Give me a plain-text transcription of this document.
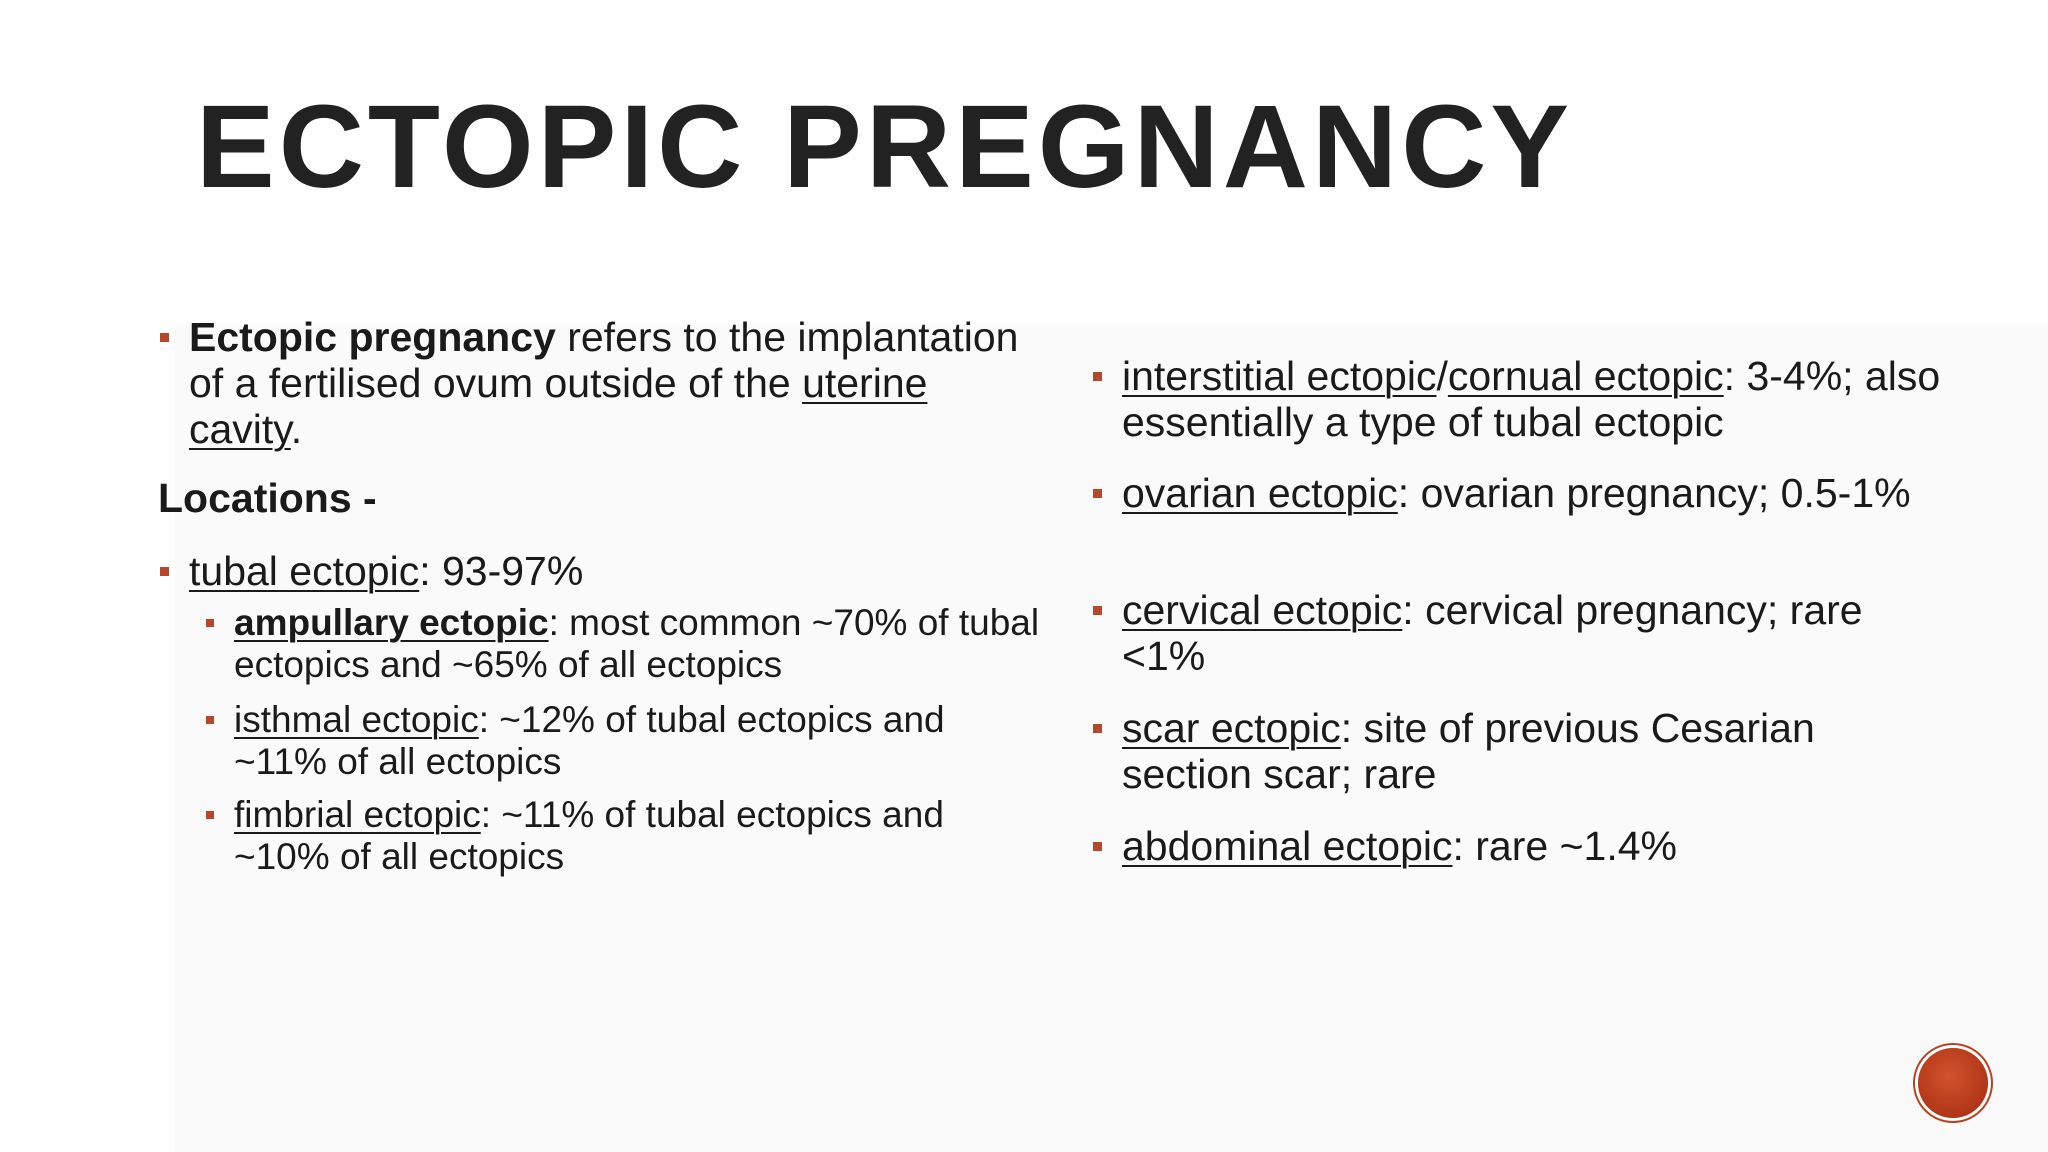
ECTOPIC PREGNANCY
Ectopic pregnancy refers to the implantation of a fertilised ovum outside of the uterine cavity.
Locations -
tubal ectopic: 93-97%
ampullary ectopic: most common ~70% of tubal ectopics and ~65% of all ectopics
isthmal ectopic: ~12% of tubal ectopics and ~11% of all ectopics
fimbrial ectopic: ~11% of tubal ectopics and ~10% of all ectopics
interstitial ectopic/cornual ectopic: 3-4%; also essentially a type of tubal ectopic
ovarian ectopic: ovarian pregnancy; 0.5-1%
cervical ectopic: cervical pregnancy; rare <1%
scar ectopic: site of previous Cesarian section scar; rare
abdominal ectopic: rare ~1.4%
